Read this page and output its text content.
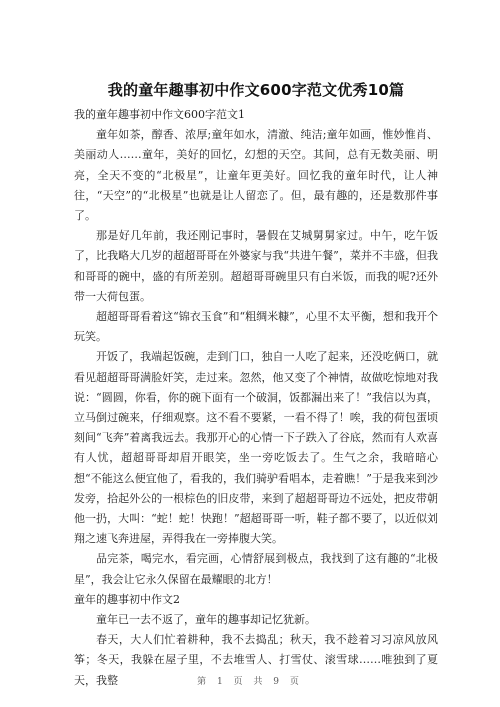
我的童年趣事初中作文600字范文优秀10篇

我的童年趣事初中作文600字范文1

童年如茶，醇香、浓厚;童年如水，清澈、纯洁;童年如画，惟妙惟肖、美丽动人……童年，美好的回忆，幻想的天空。其间，总有无数美丽、明亮，全天不变的“北极星”，让童年更美好。回忆我的童年时代，让人神往，“天空”的“北极星”也就是让人留恋了。但，最有趣的，还是数那件事了。

那是好几年前，我还刚记事时，暑假在艾城舅舅家过。中午，吃午饭了，比我略大几岁的超超哥哥在外婆家与我“共进午餐”，菜并不丰盛，但我和哥哥的碗中，盛的有所差别。超超哥哥碗里只有白米饭，而我的呢?还外带一大荷包蛋。

超超哥哥看着这“锦衣玉食”和“粗绸米糠”，心里不太平衡，想和我开个玩笑。

开饭了，我端起饭碗，走到门口，独自一人吃了起来，还没吃俩口，就看见超超哥哥满脸奸笑，走过来。忽然，他又变了个神情，故做吃惊地对我说：“圆圆，你看，你的碗下面有一个破洞，饭都漏出来了！”我信以为真，立马倒过碗来，仔细观察。这不看不要紧，一看不得了！唉，我的荷包蛋顷刻间“飞奔”着离我远去。我那开心的心情一下子跌入了谷底，然而有人欢喜有人忧，超超哥哥却眉开眼笑，坐一旁吃饭去了。生气之余，我暗暗心想“不能这么便宜他了，看我的，我们骑驴看唱本，走着瞧！”于是我来到沙发旁，拾起外公的一根棕色的旧皮带，来到了超超哥哥边不远处，把皮带朝他一扔，大叫：“蛇！蛇！快跑！”超超哥哥一听，鞋子都不要了，以近似刘翔之速飞奔进屋，弄得我在一旁捧腹大笑。

品完茶，喝完水，看完画，心情舒展到极点，我找到了这有趣的“北极星”，我会让它永久保留在最耀眼的北方！

童年的趣事初中作文2

童年已一去不返了，童年的趣事却记忆犹新。

春天，大人们忙着耕种，我不去捣乱；秋天，我不趁着习习凉风放风筝；冬天，我躲在屋子里，不去堆雪人、打雪仗、滚雪球……唯独到了夏天，我整	第 1 页 共 9 页
